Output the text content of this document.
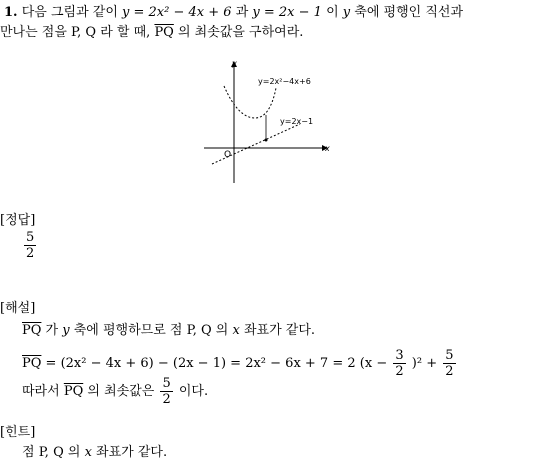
1. 다음 그림과 같이 y = 2x² − 4x + 6 과 y = 2x − 1 이 y 축에 평행인 직선과
만나는 점을 P, Q 라 할 때, $\overline{PQ}$ 의 최솟값을 구하여라.
x
y
O
y=2x²−4x+6
y=2x−1
[정답]
$\frac{5}{2}$
[해설]
$\overline{PQ}$ 가 y 축에 평행하므로 점 P, Q 의 x 좌표가 같다.
$\overline{PQ} = (2x^2 - 4x + 6) - (2x - 1) = 2x^2 - 6x + 7 = 2$ $(x - \frac{3}{2} )^2 + \frac{5}{2}$
따라서 $\overline{PQ}$ 의 최솟값은 $\frac{5}{2}$ 이다.
[힌트]
점 P, Q 의 x 좌표가 같다.
